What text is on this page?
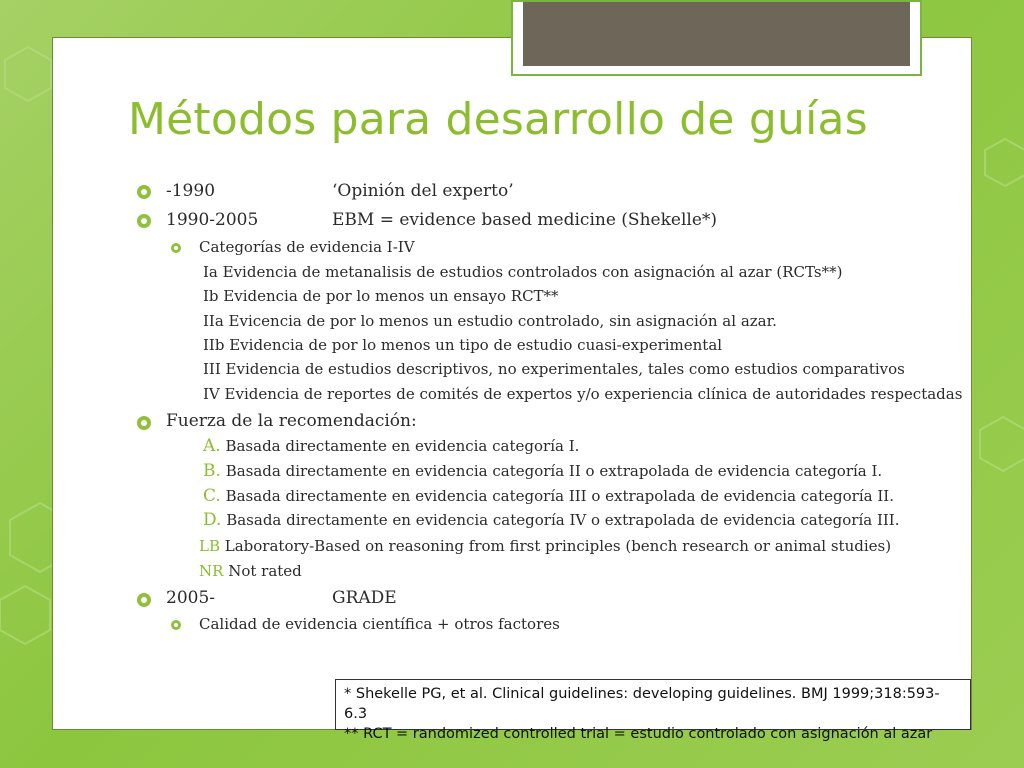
Métodos para desarrollo de guías
-1990	‘Opinión del experto’
1990-2005	EBM = evidence based medicine (Shekelle*)
Categorías de evidencia I-IV
Ia Evidencia de metanalisis de estudios controlados con asignación al azar (RCTs**)
Ib Evidencia de por lo menos un ensayo RCT**
IIa Evicencia de por lo menos un estudio controlado, sin asignación al azar.
IIb Evidencia de por lo menos un tipo de estudio cuasi-experimental
III Evidencia de estudios descriptivos, no experimentales, tales como estudios comparativos
IV Evidencia de reportes de comités de expertos y/o experiencia clínica de autoridades respectadas
Fuerza de la recomendación:
A. Basada directamente en evidencia categoría I.
B. Basada directamente en evidencia categoría II o extrapolada de evidencia categoría I.
C. Basada directamente en evidencia categoría III o extrapolada de evidencia categoría II.
D. Basada directamente en evidencia categoría IV o extrapolada de evidencia categoría III.
LB Laboratory-Based on reasoning from first principles (bench research or animal studies)
NR Not rated
2005-	GRADE
Calidad de evidencia científica + otros factores
* Shekelle PG, et al. Clinical guidelines: developing guidelines. BMJ 1999;318:593-6.3
** RCT = randomized controlled trial = estudio controlado con asignación al azar
